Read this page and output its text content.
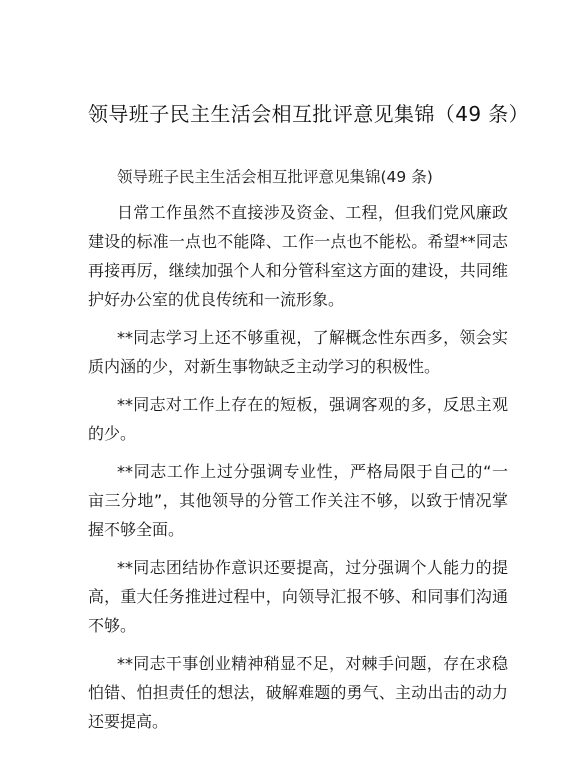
领导班子民主生活会相互批评意见集锦（49 条）
领导班子民主生活会相互批评意见集锦(49 条)

日常工作虽然不直接涉及资金、工程，但我们党风廉政建设的标准一点也不能降、工作一点也不能松。希望**同志再接再厉，继续加强个人和分管科室这方面的建设，共同维护好办公室的优良传统和一流形象。

**同志学习上还不够重视，了解概念性东西多，领会实质内涵的少，对新生事物缺乏主动学习的积极性。

**同志对工作上存在的短板，强调客观的多，反思主观的少。

**同志工作上过分强调专业性，严格局限于自己的“一亩三分地”，其他领导的分管工作关注不够，以致于情况掌握不够全面。

**同志团结协作意识还要提高，过分强调个人能力的提高，重大任务推进过程中，向领导汇报不够、和同事们沟通不够。

**同志干事创业精神稍显不足，对棘手问题，存在求稳怕错、怕担责任的想法，破解难题的勇气、主动出击的动力还要提高。
